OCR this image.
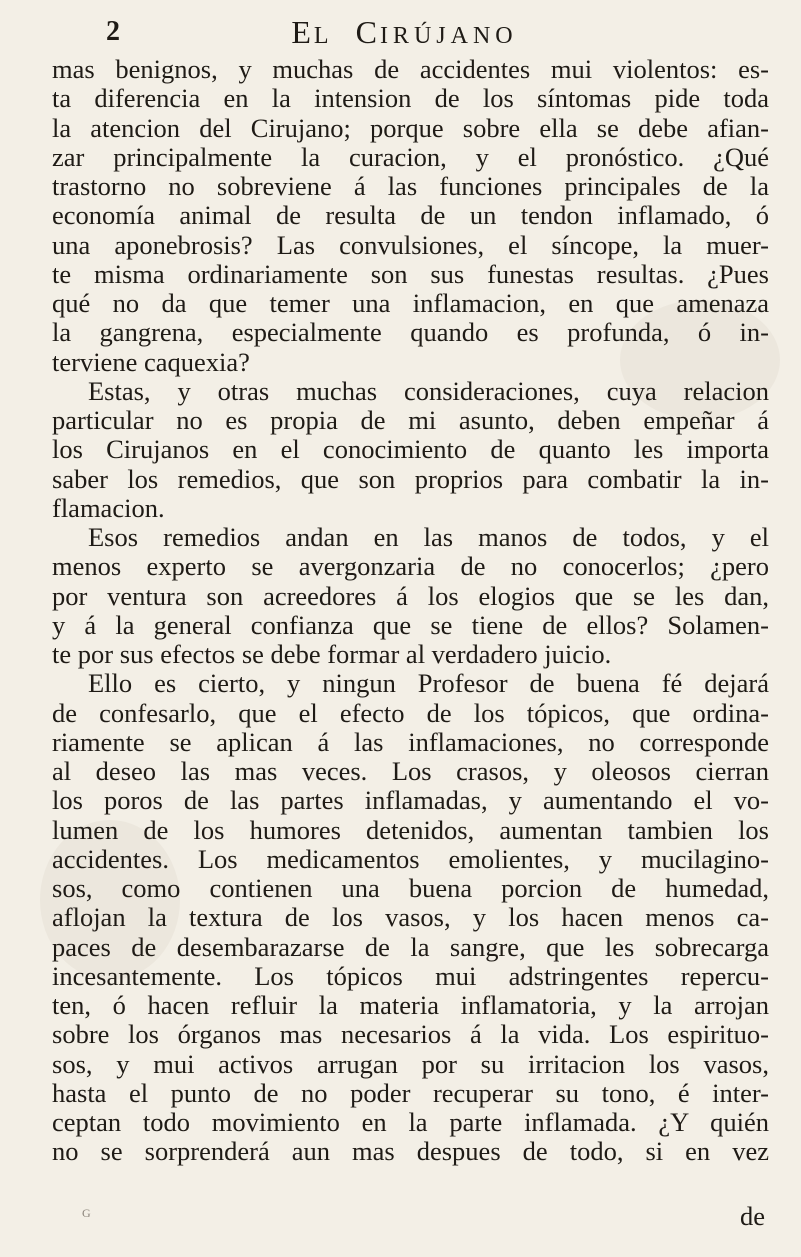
2	EL CIRÚJANO
mas benignos, y muchas de accidentes mui violentos: es-
ta diferencia en la intension de los síntomas pide toda
la atencion del Cirujano; porque sobre ella se debe afian-
zar principalmente la curacion, y el pronóstico. ¿Qué
trastorno no sobreviene á las funciones principales de la
economía animal de resulta de un tendon inflamado, ó
una aponebrosis? Las convulsiones, el síncope, la muer-
te misma ordinariamente son sus funestas resultas. ¿Pues
qué no da que temer una inflamacion, en que amenaza
la gangrena, especialmente quando es profunda, ó in-
terviene caquexia?
Estas, y otras muchas consideraciones, cuya relacion
particular no es propia de mi asunto, deben empeñar á
los Cirujanos en el conocimiento de quanto les importa
saber los remedios, que son proprios para combatir la in-
flamacion.
Esos remedios andan en las manos de todos, y el
menos experto se avergonzaria de no conocerlos; ¿pero
por ventura son acreedores á los elogios que se les dan,
y á la general confianza que se tiene de ellos? Solamen-
te por sus efectos se debe formar al verdadero juicio.
Ello es cierto, y ningun Profesor de buena fé dejará
de confesarlo, que el efecto de los tópicos, que ordina-
riamente se aplican á las inflamaciones, no corresponde
al deseo las mas veces. Los crasos, y oleosos cierran
los poros de las partes inflamadas, y aumentando el vo-
lumen de los humores detenidos, aumentan tambien los
accidentes. Los medicamentos emolientes, y mucilagino-
sos, como contienen una buena porcion de humedad,
aflojan la textura de los vasos, y los hacen menos ca-
paces de desembarazarse de la sangre, que les sobrecarga
incesantemente. Los tópicos mui adstringentes repercu-
ten, ó hacen refluir la materia inflamatoria, y la arrojan
sobre los órganos mas necesarios á la vida. Los espirituo-
sos, y mui activos arrugan por su irritacion los vasos,
hasta el punto de no poder recuperar su tono, é inter-
ceptan todo movimiento en la parte inflamada. ¿Y quién
no se sorprenderá aun mas despues de todo, si en vez
G	de
